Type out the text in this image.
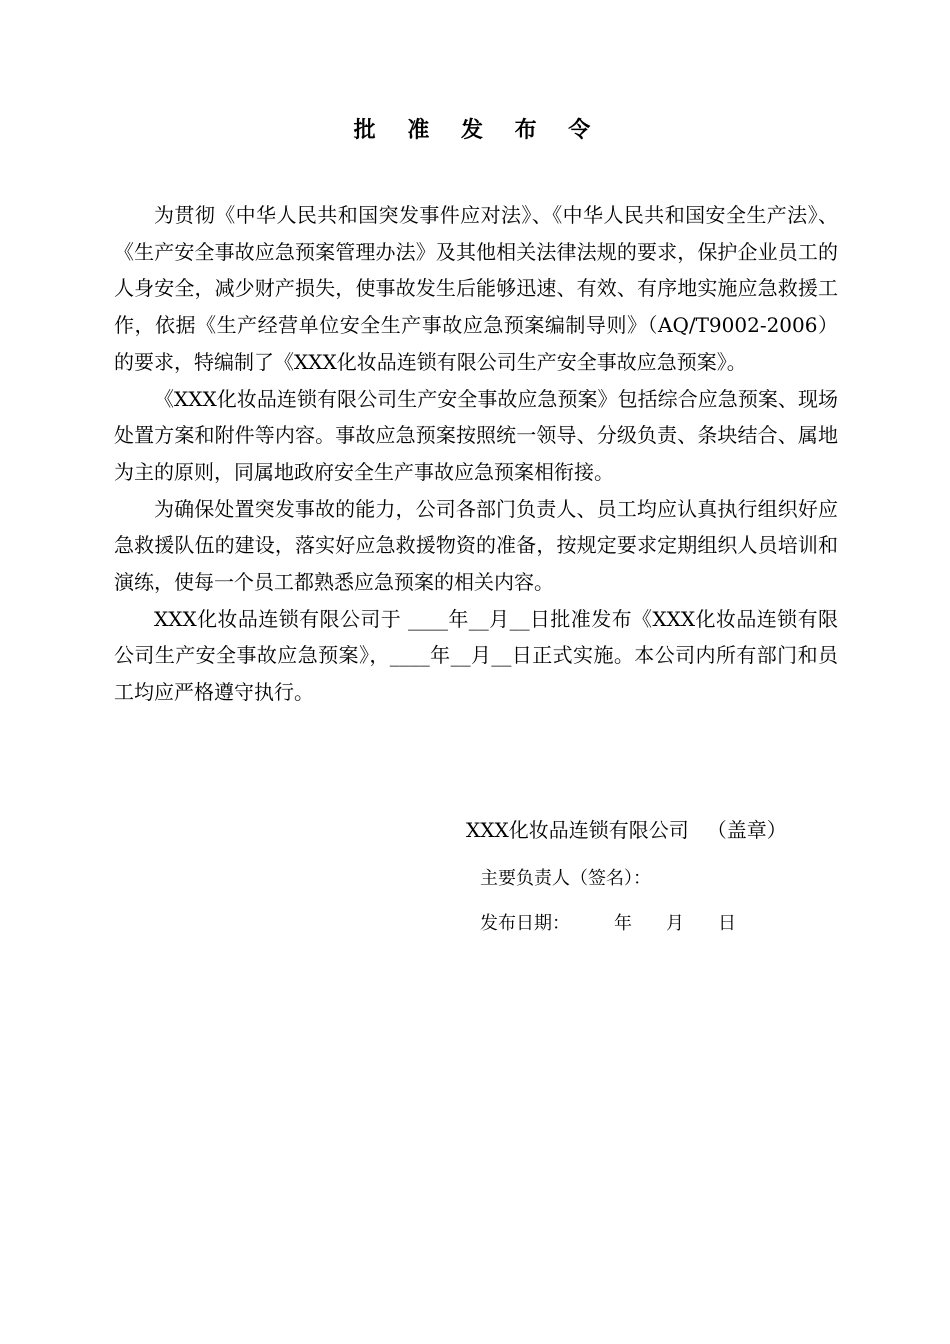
批 准 发 布 令

为贯彻《中华人民共和国突发事件应对法》、《中华人民共和国安全生产法》、《生产安全事故应急预案管理办法》及其他相关法律法规的要求，保护企业员工的人身安全，减少财产损失，使事故发生后能够迅速、有效、有序地实施应急救援工作，依据《生产经营单位安全生产事故应急预案编制导则》（AQ/T9002-2006）的要求，特编制了《XXX化妆品连锁有限公司生产安全事故应急预案》。

《XXX化妆品连锁有限公司生产安全事故应急预案》包括综合应急预案、现场处置方案和附件等内容。事故应急预案按照统一领导、分级负责、条块结合、属地为主的原则，同属地政府安全生产事故应急预案相衔接。

为确保处置突发事故的能力，公司各部门负责人、员工均应认真执行组织好应急救援队伍的建设，落实好应急救援物资的准备，按规定要求定期组织人员培训和演练，使每一个员工都熟悉应急预案的相关内容。

XXX化妆品连锁有限公司于 ____年__月__日批准发布《XXX化妆品连锁有限公司生产安全事故应急预案》，____年__月__日正式实施。本公司内所有部门和员工均应严格遵守执行。

XXX化妆品连锁有限公司 （盖章）
主要负责人（签名）：
发布日期： 年 月 日
